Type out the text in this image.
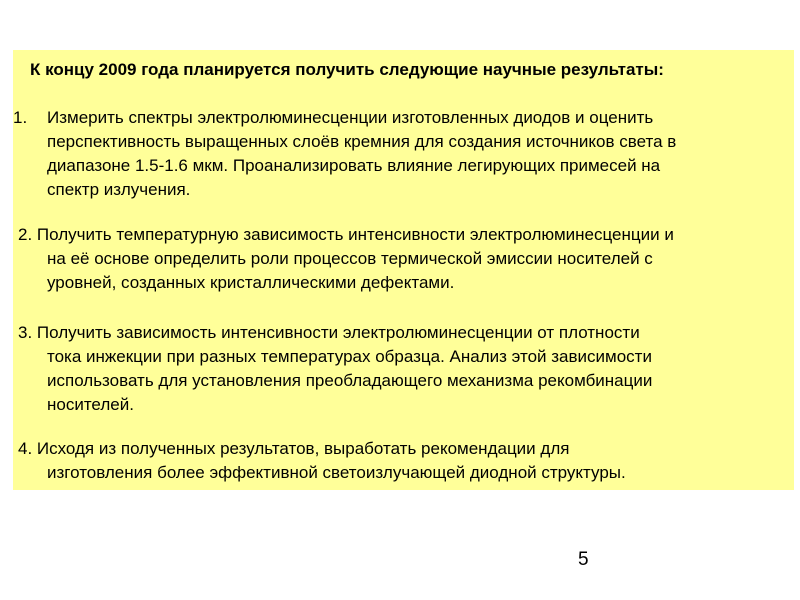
К концу 2009 года планируется получить следующие научные результаты:
1.	Измерить спектры электролюминесценции изготовленных диодов и оценить
перспективность выращенных слоёв кремния для создания источников света в
диапазоне 1.5-1.6 мкм. Проанализировать влияние легирующих примесей на
спектр излучения.
2. Получить температурную зависимость интенсивности электролюминесценции и
на её основе определить роли процессов термической эмиссии носителей с
уровней, созданных кристаллическими дефектами.
3. Получить зависимость интенсивности электролюминесценции от плотности
тока инжекции при разных температурах образца. Анализ этой зависимости
использовать для установления преобладающего механизма рекомбинации
носителей.
4. Исходя из полученных результатов, выработать рекомендации для
изготовления более эффективной светоизлучающей диодной структуры.
5
